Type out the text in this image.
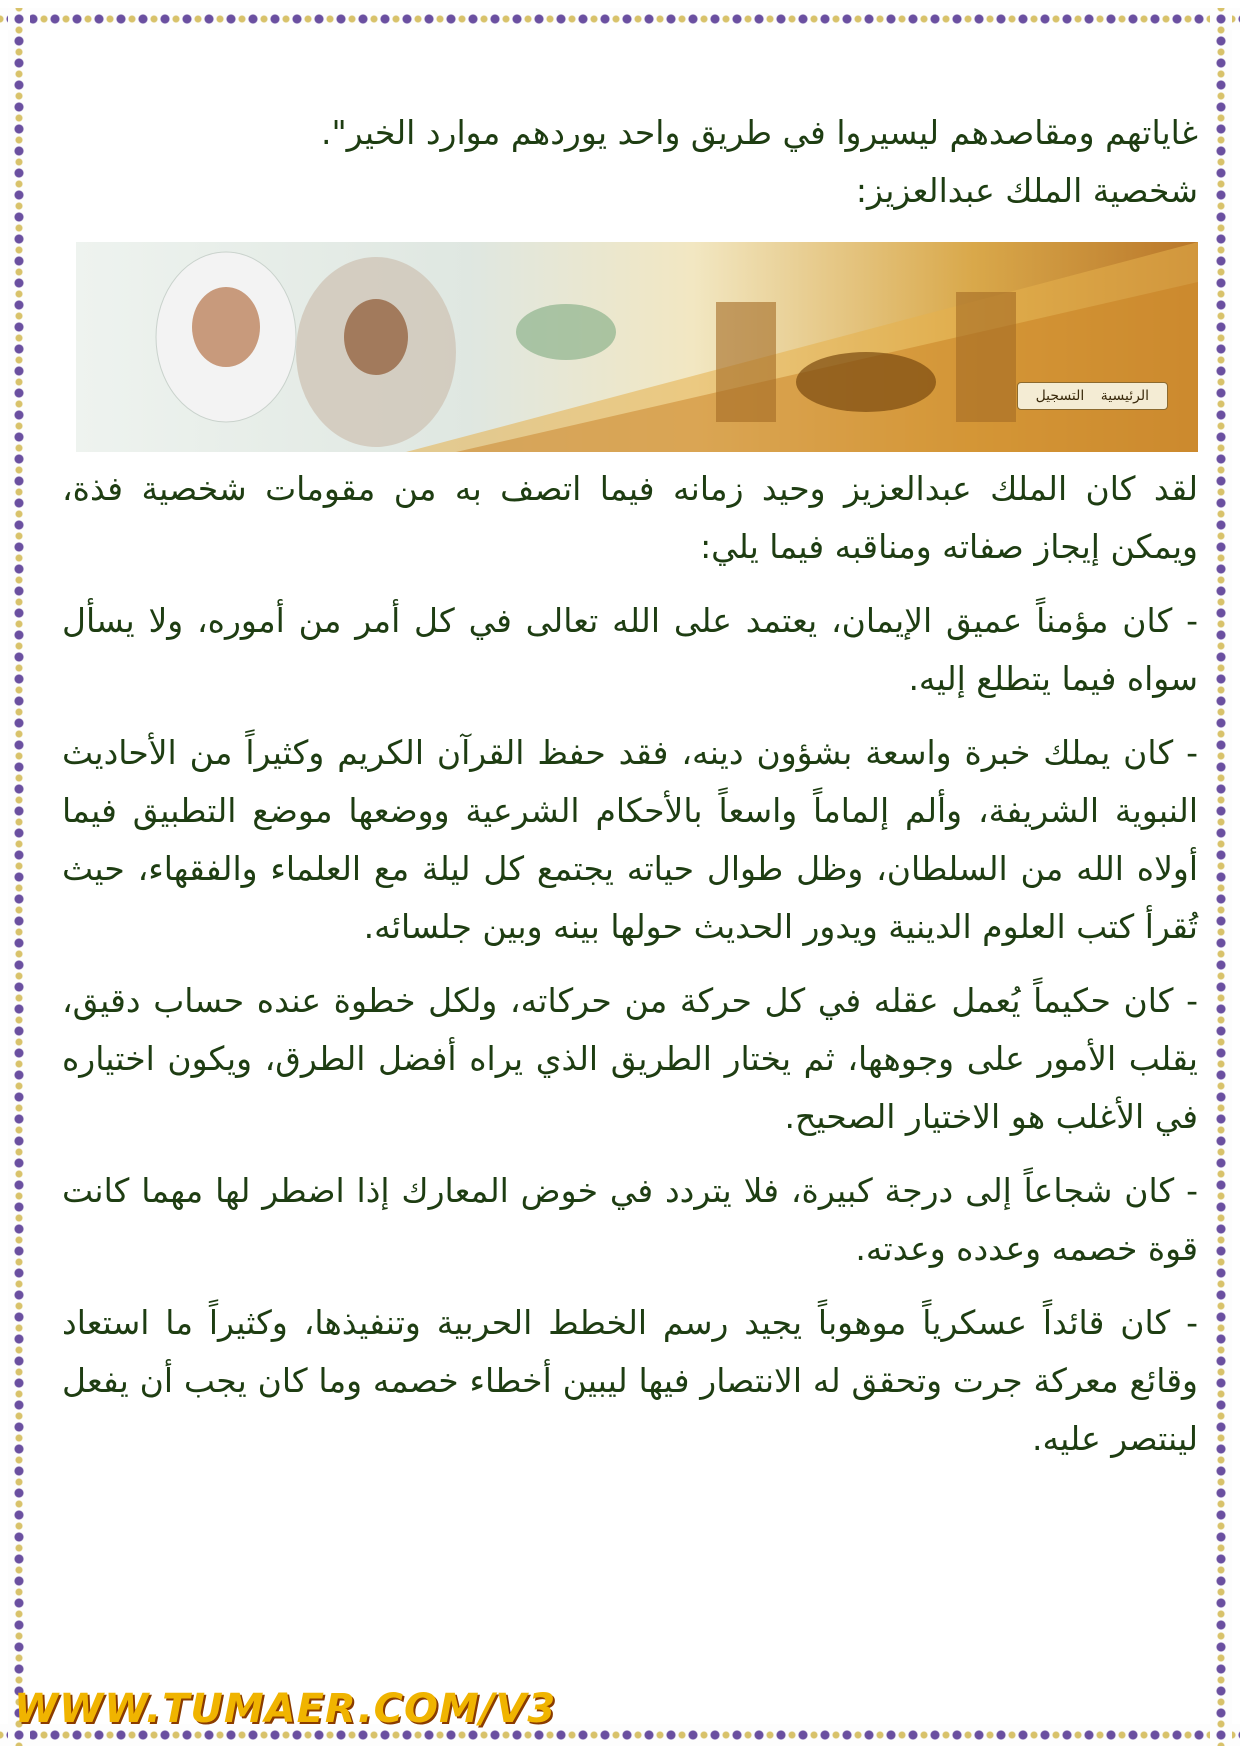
غاياتهم ومقاصدهم ليسيروا في طريق واحد يوردهم موارد الخير".

شخصية الملك عبدالعزيز:

الرئيسية التسجيل

لقد كان الملك عبدالعزيز وحيد زمانه فيما اتصف به من مقومات شخصية فذة، ويمكن إيجاز صفاته ومناقبه فيما يلي:

- كان مؤمناً عميق الإيمان، يعتمد على الله تعالى في كل أمر من أموره، ولا يسأل سواه فيما يتطلع إليه.

- كان يملك خبرة واسعة بشؤون دينه، فقد حفظ القرآن الكريم وكثيراً من الأحاديث النبوية الشريفة، وألم إلماماً واسعاً بالأحكام الشرعية ووضعها موضع التطبيق فيما أولاه الله من السلطان، وظل طوال حياته يجتمع كل ليلة مع العلماء والفقهاء، حيث تُقرأ كتب العلوم الدينية ويدور الحديث حولها بينه وبين جلسائه.

- كان حكيماً يُعمل عقله في كل حركة من حركاته، ولكل خطوة عنده حساب دقيق، يقلب الأمور على وجوهها، ثم يختار الطريق الذي يراه أفضل الطرق، ويكون اختياره في الأغلب هو الاختيار الصحيح.

- كان شجاعاً إلى درجة كبيرة، فلا يتردد في خوض المعارك إذا اضطر لها مهما كانت قوة خصمه وعدده وعدته.

- كان قائداً عسكرياً موهوباً يجيد رسم الخطط الحربية وتنفيذها، وكثيراً ما استعاد وقائع معركة جرت وتحقق له الانتصار فيها ليبين أخطاء خصمه وما كان يجب أن يفعل لينتصر عليه.

WWW.TUMAER.COM/V3
